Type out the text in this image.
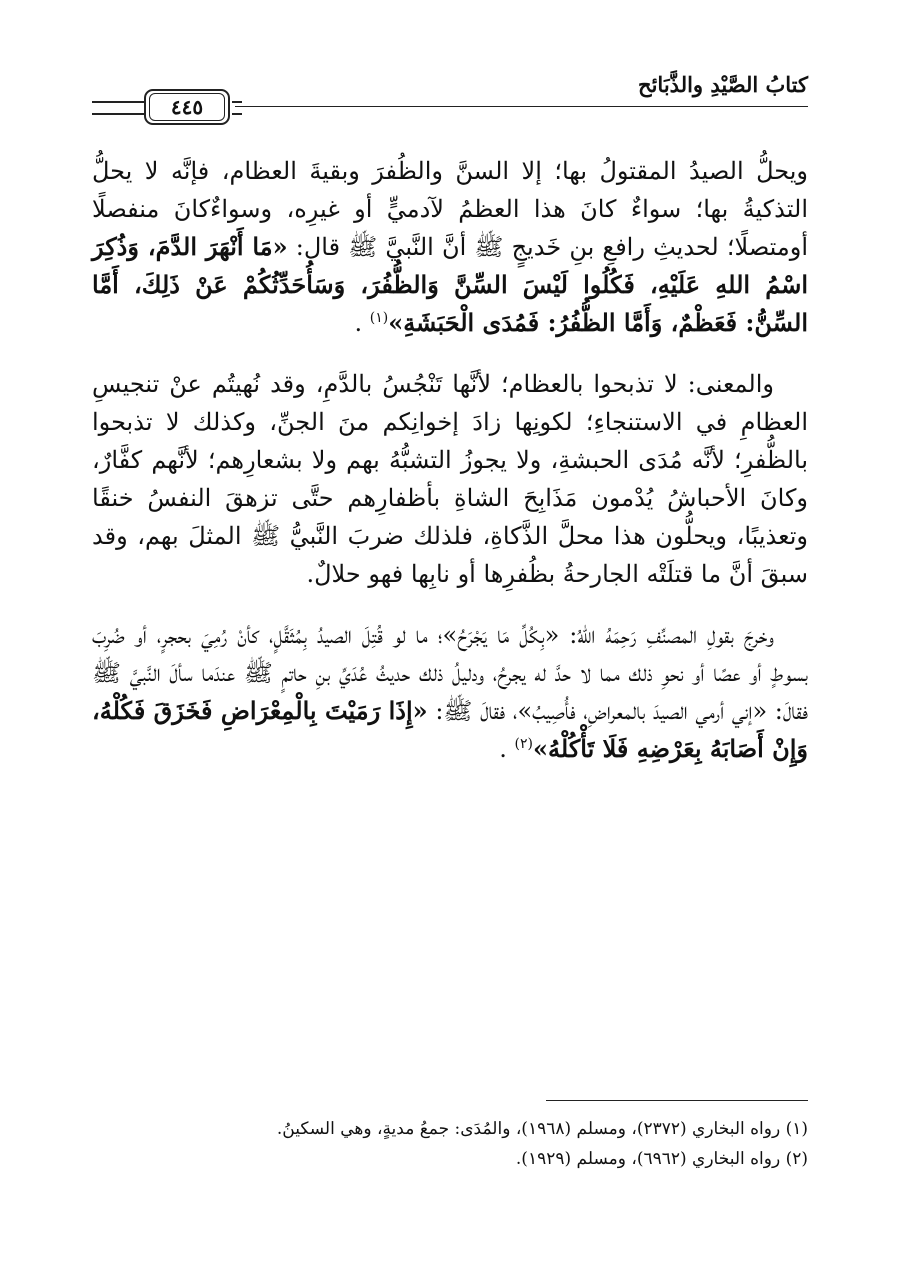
كتابُ الصَّيْدِ والذَّبَائح
٤٤٥
ويحلُّ الصيدُ المقتولُ بها؛ إلا السنَّ والظُفرَ وبقيةَ العظام، فإنَّه لا يحلُّ التذكيةُ بها؛ سواءٌ كانَ هذا العظمُ لآدميٍّ أو غيرِه، وسواءٌكانَ منفصلًا أومتصلًا؛ لحديثِ رافعِ بنِ خَديجٍ ﷺ أنَّ النَّبيَّ ﷺ قال: «مَا أَنْهَرَ الدَّمَ، وَذُكِرَ اسْمُ اللهِ عَلَيْهِ، فَكُلُوا لَيْسَ السِّنَّ وَالظُّفُرَ، وَسَأُحَدِّثُكُمْ عَنْ ذَلِكَ، أَمَّا السِّنُّ: فَعَظْمٌ، وَأَمَّا الظُّفُرُ: فَمُدَى الْحَبَشَةِ»$^{(١)}$ .
والمعنى: لا تذبحوا بالعظام؛ لأنَّها تَنْجُسُ بالدَّمِ، وقد نُهيتُم عنْ تنجيسِ العظامِ في الاستنجاءِ؛ لكونِها زادَ إخوانِكم منَ الجنِّ، وكذلك لا تذبحوا بالظُّفرِ؛ لأنَّه مُدَى الحبشةِ، ولا يجوزُ التشبُّهُ بهم ولا بشعارِهم؛ لأنَّهم كفَّارٌ، وكانَ الأحباشُ يُدْمون مَذَابِحَ الشاةِ بأظفارِهم حتَّى تزهقَ النفسُ خنقًا وتعذيبًا، ويحلُّون هذا محلَّ الذَّكاةِ، فلذلك ضربَ النَّبيُّ ﷺ المثلَ بهم، وقد سبقَ أنَّ ما قتلَتْه الجارحةُ بظُفرِها أو نابِها فهو حلالٌ.
وخرجَ بقولِ المصنِّفِ رَحِمَهُ اللهُ: «بِكُلِّ مَا يَجْرَحُ»؛ ما لو قُتِلَ الصيدُ بِمُثَقَّلٍ، كأنْ رُمِيَ بحجرٍ، أو ضُرِبَ بسوطٍ أو عصًا أو نحوِ ذلك مما لا حدَّ له يجرحُ، ودليلُ ذلك حديثُ عُدَيِّ بنِ حاتمٍ ﷺ عندَما سألَ النَّبيَّ ﷺ فقالَ: «إني أرمي الصيدَ بالمعراضِ، فأُصِيبُ»، فقالَ ﷺ: «إِذَا رَمَيْتَ بِالْمِعْرَاضِ فَخَزَقَ فَكُلْهُ، وَإِنْ أَصَابَهُ بِعَرْضِهِ فَلَا تَأْكُلْهُ»$^{(٢)}$ .
(١) رواه البخاري (٢٣٧٢)، ومسلم (١٩٦٨)، والمُدَى: جمعُ مديةٍ، وهي السكينُ.
(٢) رواه البخاري (٦٩٦٢)، ومسلم (١٩٢٩).
